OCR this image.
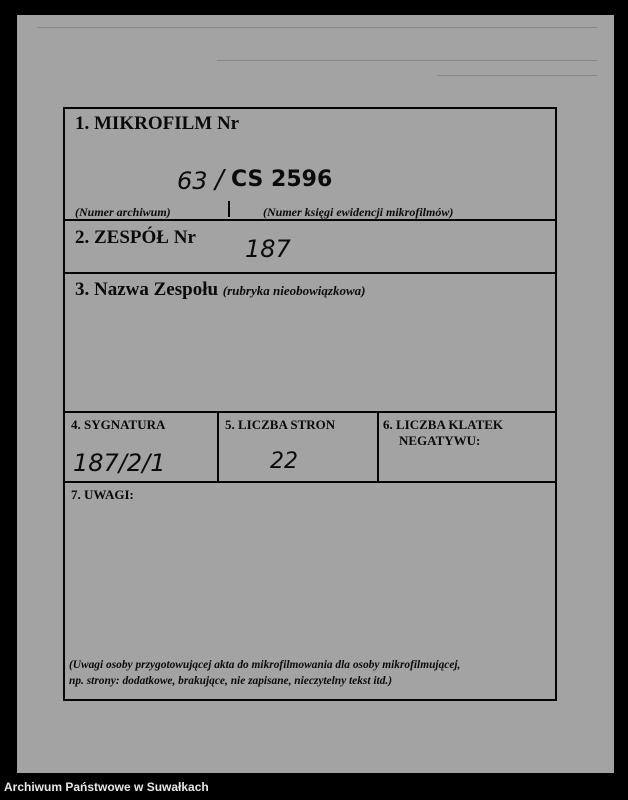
1. MIKROFILM Nr
63 / CS 2596
(Numer archiwum)	(Numer księgi ewidencji mikrofilmów)
2. ZESPÓŁ Nr 187
3. Nazwa Zespołu (rubryka nieobowiązkowa)
4. SYGNATURA
187/2/1
5. LICZBA STRON
22
6. LICZBA KLATEK
NEGATYWU:
7. UWAGI:
(Uwagi osoby przygotowującej akta do mikrofilmowania dla osoby mikrofilmującej,
np. strony: dodatkowe, brakujące, nie zapisane, nieczytelny tekst itd.)
Archiwum Państwowe w Suwałkach
